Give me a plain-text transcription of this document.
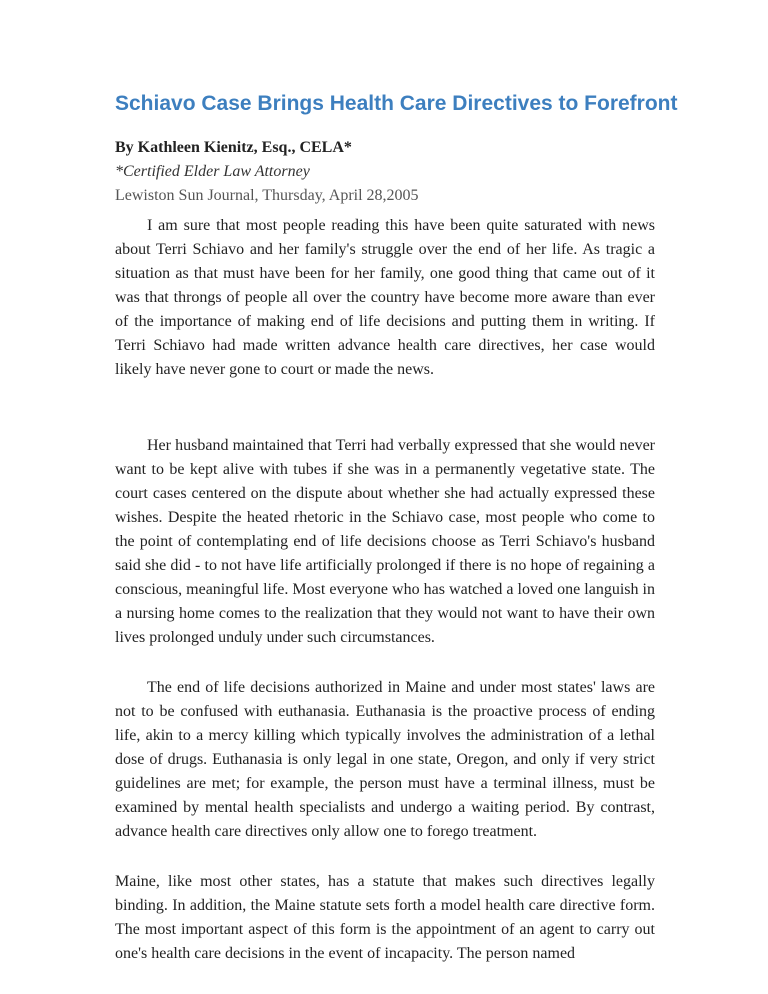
Schiavo Case Brings Health Care Directives to Forefront
By Kathleen Kienitz, Esq., CELA*
*Certified Elder Law Attorney
Lewiston Sun Journal, Thursday, April 28,2005

I am sure that most people reading this have been quite saturated with news about Terri Schiavo and her family's struggle over the end of her life. As tragic a situation as that must have been for her family, one good thing that came out of it was that throngs of people all over the country have become more aware than ever of the importance of making end of life decisions and putting them in writing. If Terri Schiavo had made written advance health care directives, her case would likely have never gone to court or made the news.

Her husband maintained that Terri had verbally expressed that she would never want to be kept alive with tubes if she was in a permanently vegetative state. The court cases centered on the dispute about whether she had actually expressed these wishes. Despite the heated rhetoric in the Schiavo case, most people who come to the point of contemplating end of life decisions choose as Terri Schiavo's husband said she did - to not have life artificially prolonged if there is no hope of regaining a conscious, meaningful life. Most everyone who has watched a loved one languish in a nursing home comes to the realization that they would not want to have their own lives prolonged unduly under such circumstances.

The end of life decisions authorized in Maine and under most states' laws are not to be confused with euthanasia. Euthanasia is the proactive process of ending life, akin to a mercy killing which typically involves the administration of a lethal dose of drugs. Euthanasia is only legal in one state, Oregon, and only if very strict guidelines are met; for example, the person must have a terminal illness, must be examined by mental health specialists and undergo a waiting period. By contrast, advance health care directives only allow one to forego treatment.

Maine, like most other states, has a statute that makes such directives legally binding. In addition, the Maine statute sets forth a model health care directive form. The most important aspect of this form is the appointment of an agent to carry out one's health care decisions in the event of incapacity. The person named
